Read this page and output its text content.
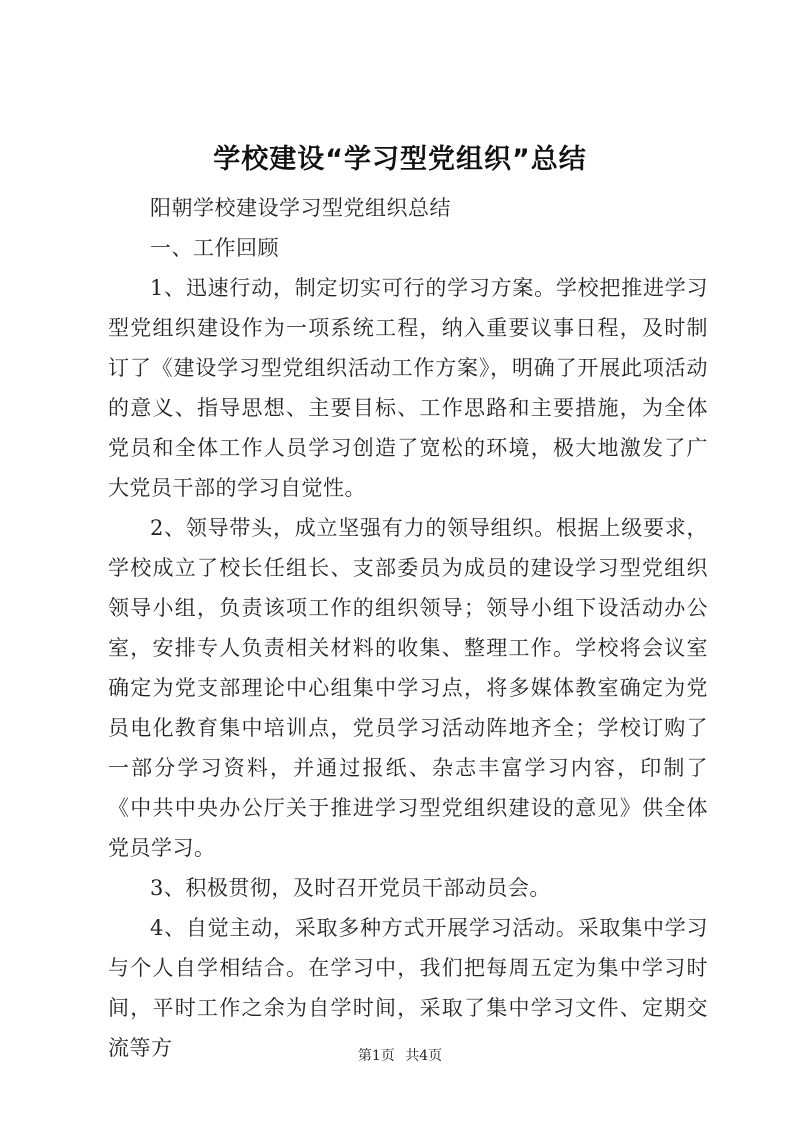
学校建设“学习型党组织”总结

阳朝学校建设学习型党组织总结

一、工作回顾

1、迅速行动，制定切实可行的学习方案。学校把推进学习型党组织建设作为一项系统工程，纳入重要议事日程，及时制订了《建设学习型党组织活动工作方案》，明确了开展此项活动的意义、指导思想、主要目标、工作思路和主要措施，为全体党员和全体工作人员学习创造了宽松的环境，极大地激发了广大党员干部的学习自觉性。

2、领导带头，成立坚强有力的领导组织。根据上级要求，学校成立了校长任组长、支部委员为成员的建设学习型党组织领导小组，负责该项工作的组织领导；领导小组下设活动办公室，安排专人负责相关材料的收集、整理工作。学校将会议室确定为党支部理论中心组集中学习点，将多媒体教室确定为党员电化教育集中培训点，党员学习活动阵地齐全；学校订购了一部分学习资料，并通过报纸、杂志丰富学习内容，印制了《中共中央办公厅关于推进学习型党组织建设的意见》供全体党员学习。

3、积极贯彻，及时召开党员干部动员会。

4、自觉主动，采取多种方式开展学习活动。采取集中学习与个人自学相结合。在学习中，我们把每周五定为集中学习时间，平时工作之余为自学时间，采取了集中学习文件、定期交流等方	第1页 共4页
